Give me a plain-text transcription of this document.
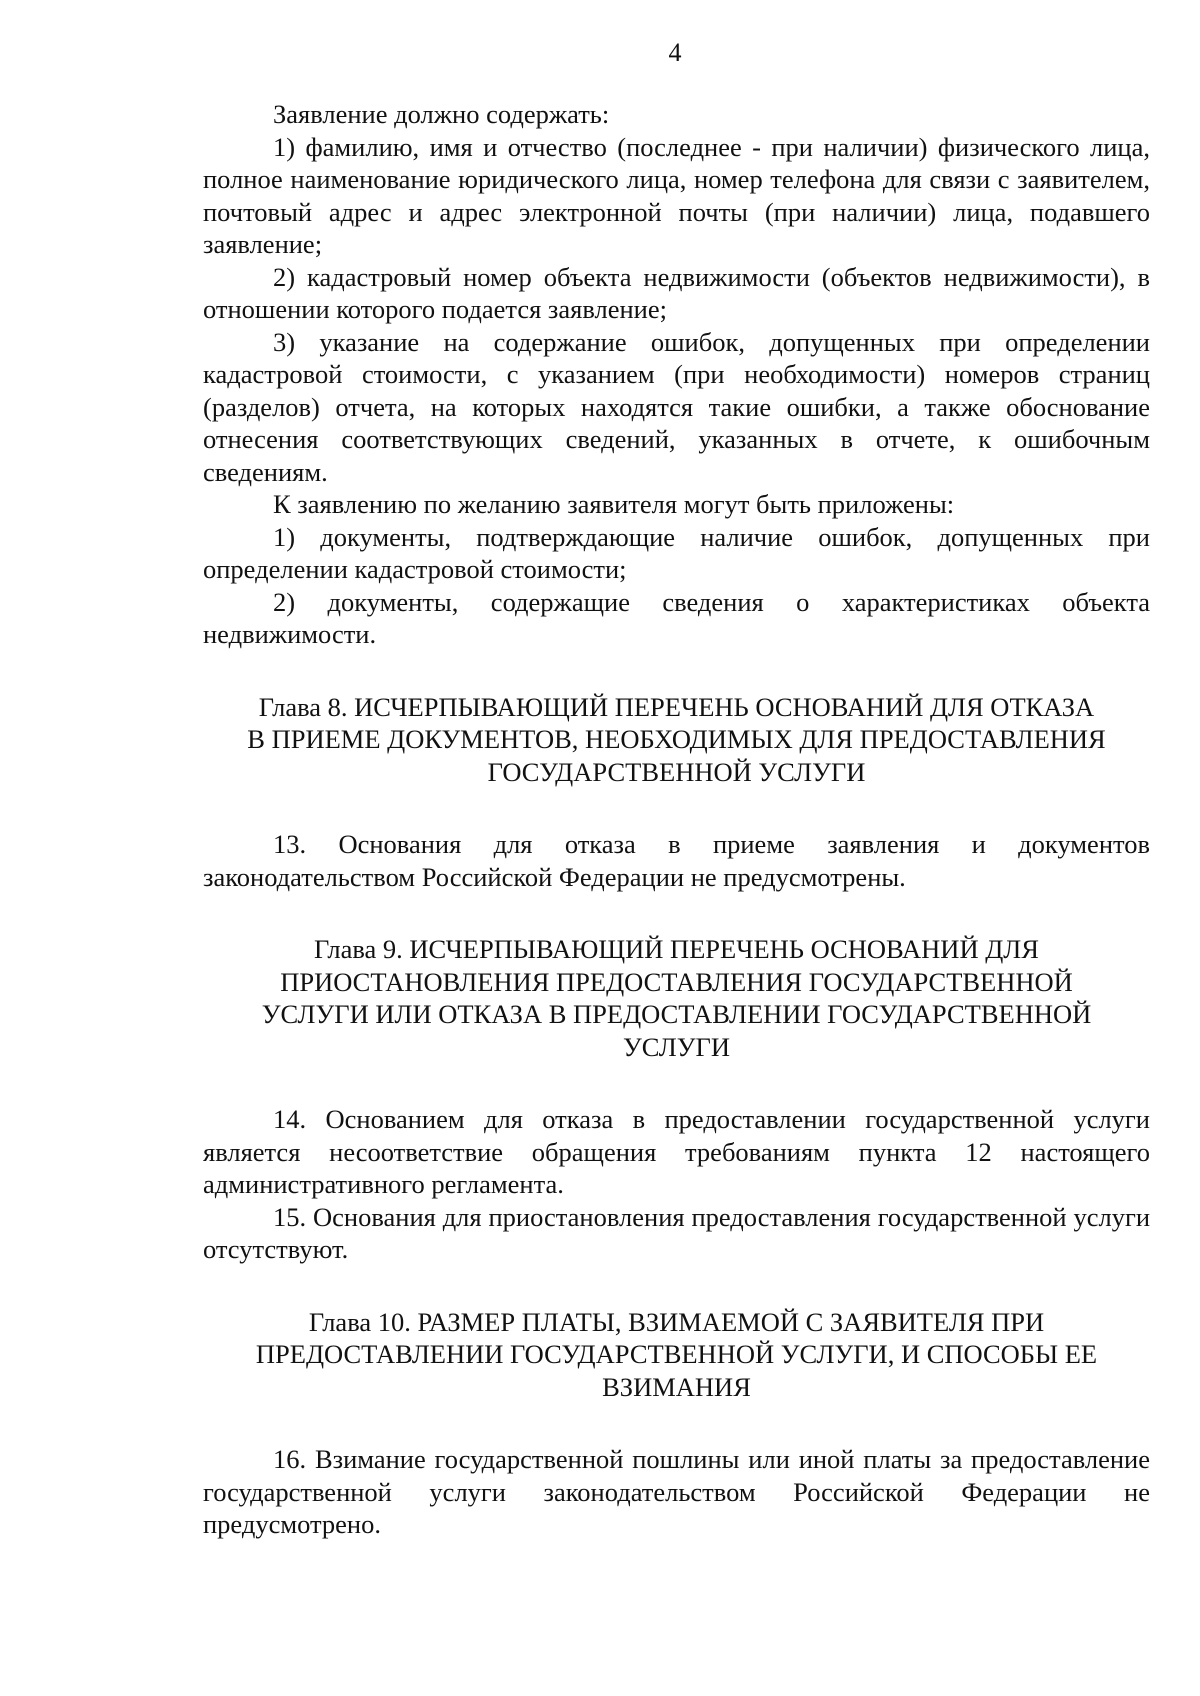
4

Заявление должно содержать:

1) фамилию, имя и отчество (последнее - при наличии) физического лица, полное наименование юридического лица, номер телефона для связи с заявителем, почтовый адрес и адрес электронной почты (при наличии) лица, подавшего заявление;

2) кадастровый номер объекта недвижимости (объектов недвижимости), в отношении которого подается заявление;

3) указание на содержание ошибок, допущенных при определении кадастровой стоимости, с указанием (при необходимости) номеров страниц (разделов) отчета, на которых находятся такие ошибки, а также обоснование отнесения соответствующих сведений, указанных в отчете, к ошибочным сведениям.

К заявлению по желанию заявителя могут быть приложены:

1) документы, подтверждающие наличие ошибок, допущенных при определении кадастровой стоимости;

2) документы, содержащие сведения о характеристиках объекта недвижимости.

Глава 8. ИСЧЕРПЫВАЮЩИЙ ПЕРЕЧЕНЬ ОСНОВАНИЙ ДЛЯ ОТКАЗА
В ПРИЕМЕ ДОКУМЕНТОВ, НЕОБХОДИМЫХ ДЛЯ ПРЕДОСТАВЛЕНИЯ
ГОСУДАРСТВЕННОЙ УСЛУГИ

13. Основания для отказа в приеме заявления и документов законодательством Российской Федерации не предусмотрены.

Глава 9. ИСЧЕРПЫВАЮЩИЙ ПЕРЕЧЕНЬ ОСНОВАНИЙ ДЛЯ
ПРИОСТАНОВЛЕНИЯ ПРЕДОСТАВЛЕНИЯ ГОСУДАРСТВЕННОЙ
УСЛУГИ ИЛИ ОТКАЗА В ПРЕДОСТАВЛЕНИИ ГОСУДАРСТВЕННОЙ
УСЛУГИ

14. Основанием для отказа в предоставлении государственной услуги является несоответствие обращения требованиям пункта 12 настоящего административного регламента.

15. Основания для приостановления предоставления государственной услуги отсутствуют.

Глава 10. РАЗМЕР ПЛАТЫ, ВЗИМАЕМОЙ С ЗАЯВИТЕЛЯ ПРИ
ПРЕДОСТАВЛЕНИИ ГОСУДАРСТВЕННОЙ УСЛУГИ, И СПОСОБЫ ЕЕ
ВЗИМАНИЯ

16. Взимание государственной пошлины или иной платы за предоставление государственной услуги законодательством Российской Федерации не предусмотрено.
